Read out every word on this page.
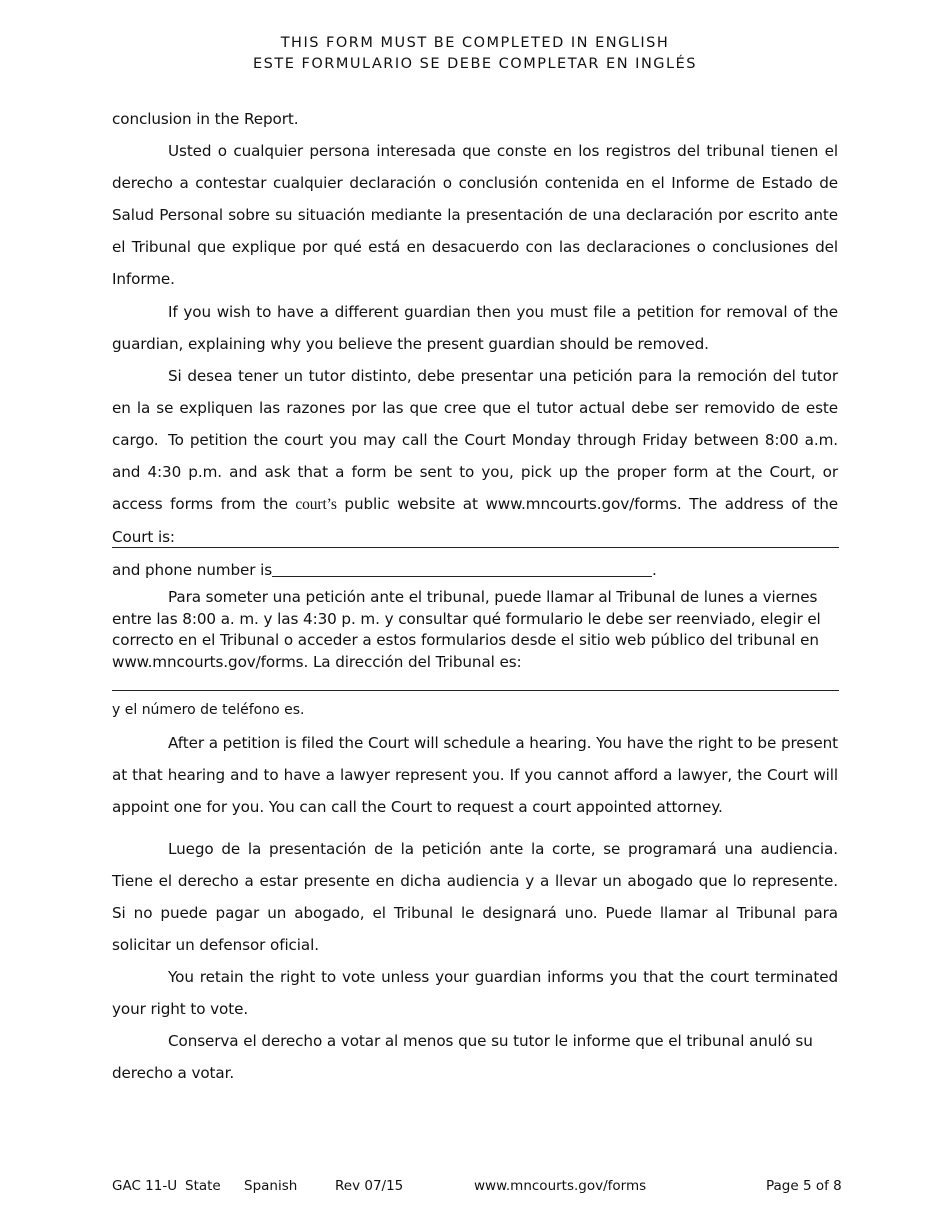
THIS FORM MUST BE COMPLETED IN ENGLISH
ESTE FORMULARIO SE DEBE COMPLETAR EN INGLÉS
conclusion in the Report.
Usted o cualquier persona interesada que conste en los registros del tribunal tienen el derecho a contestar cualquier declaración o conclusión contenida en el Informe de Estado de Salud Personal sobre su situación mediante la presentación de una declaración por escrito ante el Tribunal que explique por qué está en desacuerdo con las declaraciones o conclusiones del Informe.
If you wish to have a different guardian then you must file a petition for removal of the guardian, explaining why you believe the present guardian should be removed.
Si desea tener un tutor distinto, debe presentar una petición para la remoción del tutor en la se expliquen las razones por las que cree que el tutor actual debe ser removido de este cargo. To petition the court you may call the Court Monday through Friday between 8:00 a.m. and 4:30 p.m. and ask that a form be sent to you, pick up the proper form at the Court, or access forms from the court’s public website at www.mncourts.gov/forms. The address of the Court is:
and phone number is	.
Para someter una petición ante el tribunal, puede llamar al Tribunal de lunes a viernes entre las 8:00 a. m. y las 4:30 p. m. y consultar qué formulario le debe ser reenviado, elegir el correcto en el Tribunal o acceder a estos formularios desde el sitio web público del tribunal en www.mncourts.gov/forms. La dirección del Tribunal es:
y el número de teléfono es.
After a petition is filed the Court will schedule a hearing. You have the right to be present at that hearing and to have a lawyer represent you. If you cannot afford a lawyer, the Court will appoint one for you. You can call the Court to request a court appointed attorney.
Luego de la presentación de la petición ante la corte, se programará una audiencia. Tiene el derecho a estar presente en dicha audiencia y a llevar un abogado que lo represente. Si no puede pagar un abogado, el Tribunal le designará uno. Puede llamar al Tribunal para solicitar un defensor oficial.
You retain the right to vote unless your guardian informs you that the court terminated your right to vote.
Conserva el derecho a votar al menos que su tutor le informe que el tribunal anuló su derecho a votar.
GAC 11-U State Spanish	Rev 07/15	www.mncourts.gov/forms	Page 5 of 8
